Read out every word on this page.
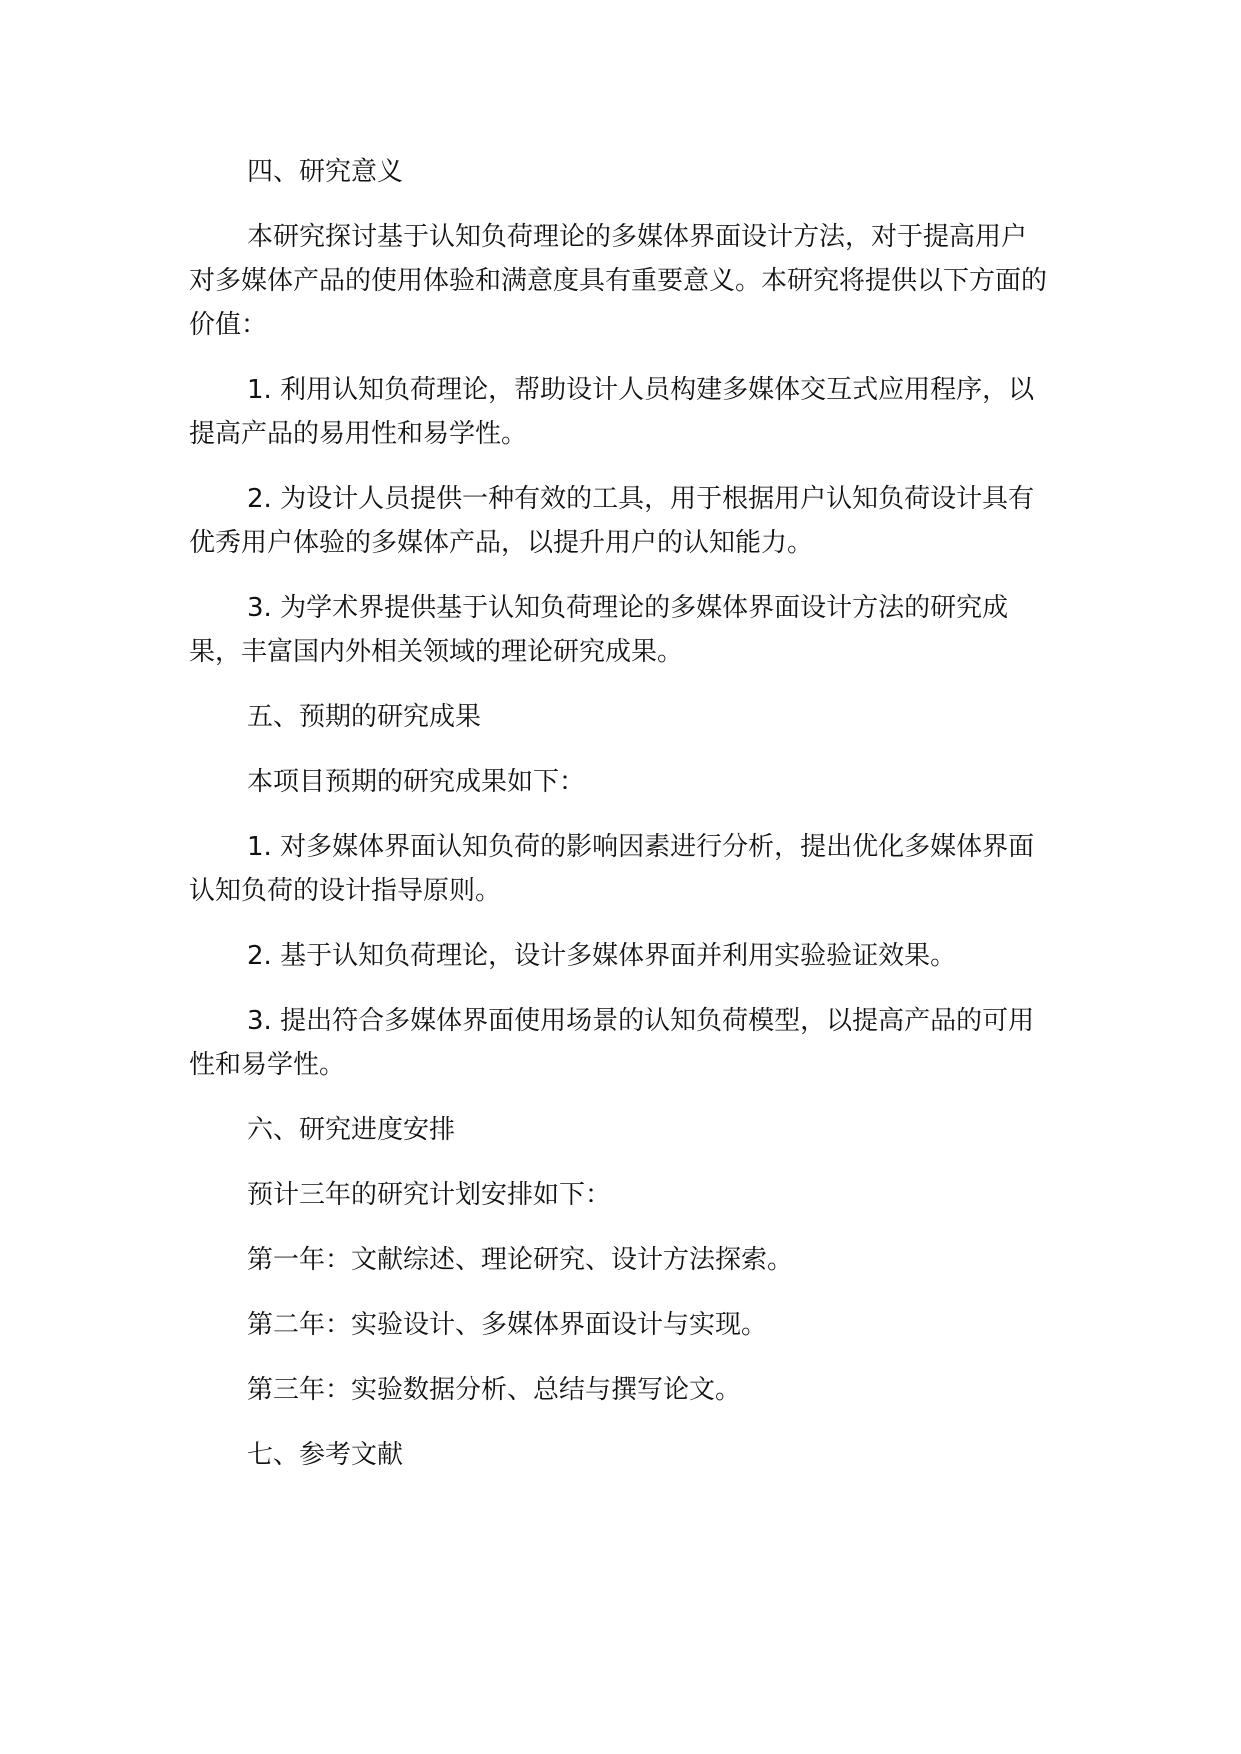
四、研究意义

本研究探讨基于认知负荷理论的多媒体界面设计方法，对于提高用户对多媒体产品的使用体验和满意度具有重要意义。本研究将提供以下方面的价值：

1. 利用认知负荷理论，帮助设计人员构建多媒体交互式应用程序，以提高产品的易用性和易学性。

2. 为设计人员提供一种有效的工具，用于根据用户认知负荷设计具有优秀用户体验的多媒体产品，以提升用户的认知能力。

3. 为学术界提供基于认知负荷理论的多媒体界面设计方法的研究成果，丰富国内外相关领域的理论研究成果。

五、预期的研究成果

本项目预期的研究成果如下：

1. 对多媒体界面认知负荷的影响因素进行分析，提出优化多媒体界面认知负荷的设计指导原则。

2. 基于认知负荷理论，设计多媒体界面并利用实验验证效果。

3. 提出符合多媒体界面使用场景的认知负荷模型，以提高产品的可用性和易学性。

六、研究进度安排

预计三年的研究计划安排如下：

第一年：文献综述、理论研究、设计方法探索。

第二年：实验设计、多媒体界面设计与实现。

第三年：实验数据分析、总结与撰写论文。

七、参考文献
